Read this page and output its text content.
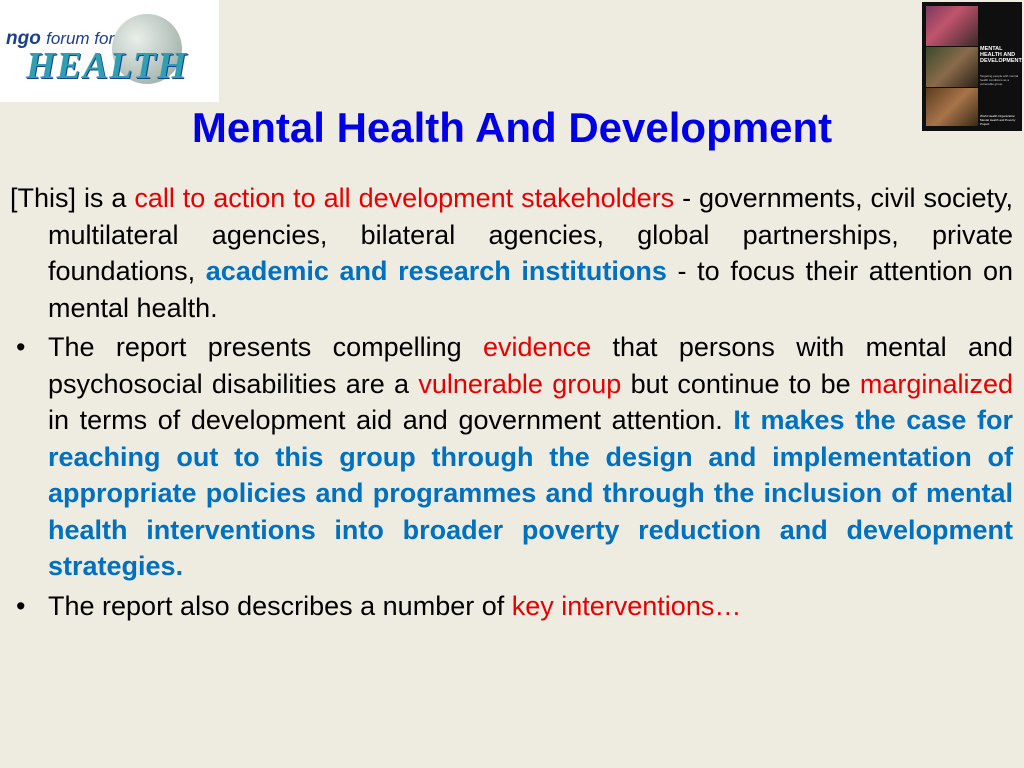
ngo forum for
HEALTH	MENTAL HEALTH AND DEVELOPMENT:
Targeting people with mental health conditions as a vulnerable group
World Health Organization Mental Health and Poverty Project
Mental Health And Development

[This] is a call to action to all development stakeholders - governments, civil society, multilateral agencies, bilateral agencies, global partnerships, private foundations, academic and research institutions - to focus their attention on mental health.

• The report presents compelling evidence that persons with mental and psychosocial disabilities are a vulnerable group but continue to be marginalized in terms of development aid and government attention. It makes the case for reaching out to this group through the design and implementation of appropriate policies and programmes and through the inclusion of mental health interventions into broader poverty reduction and development strategies.
• The report also describes a number of key interventions…
